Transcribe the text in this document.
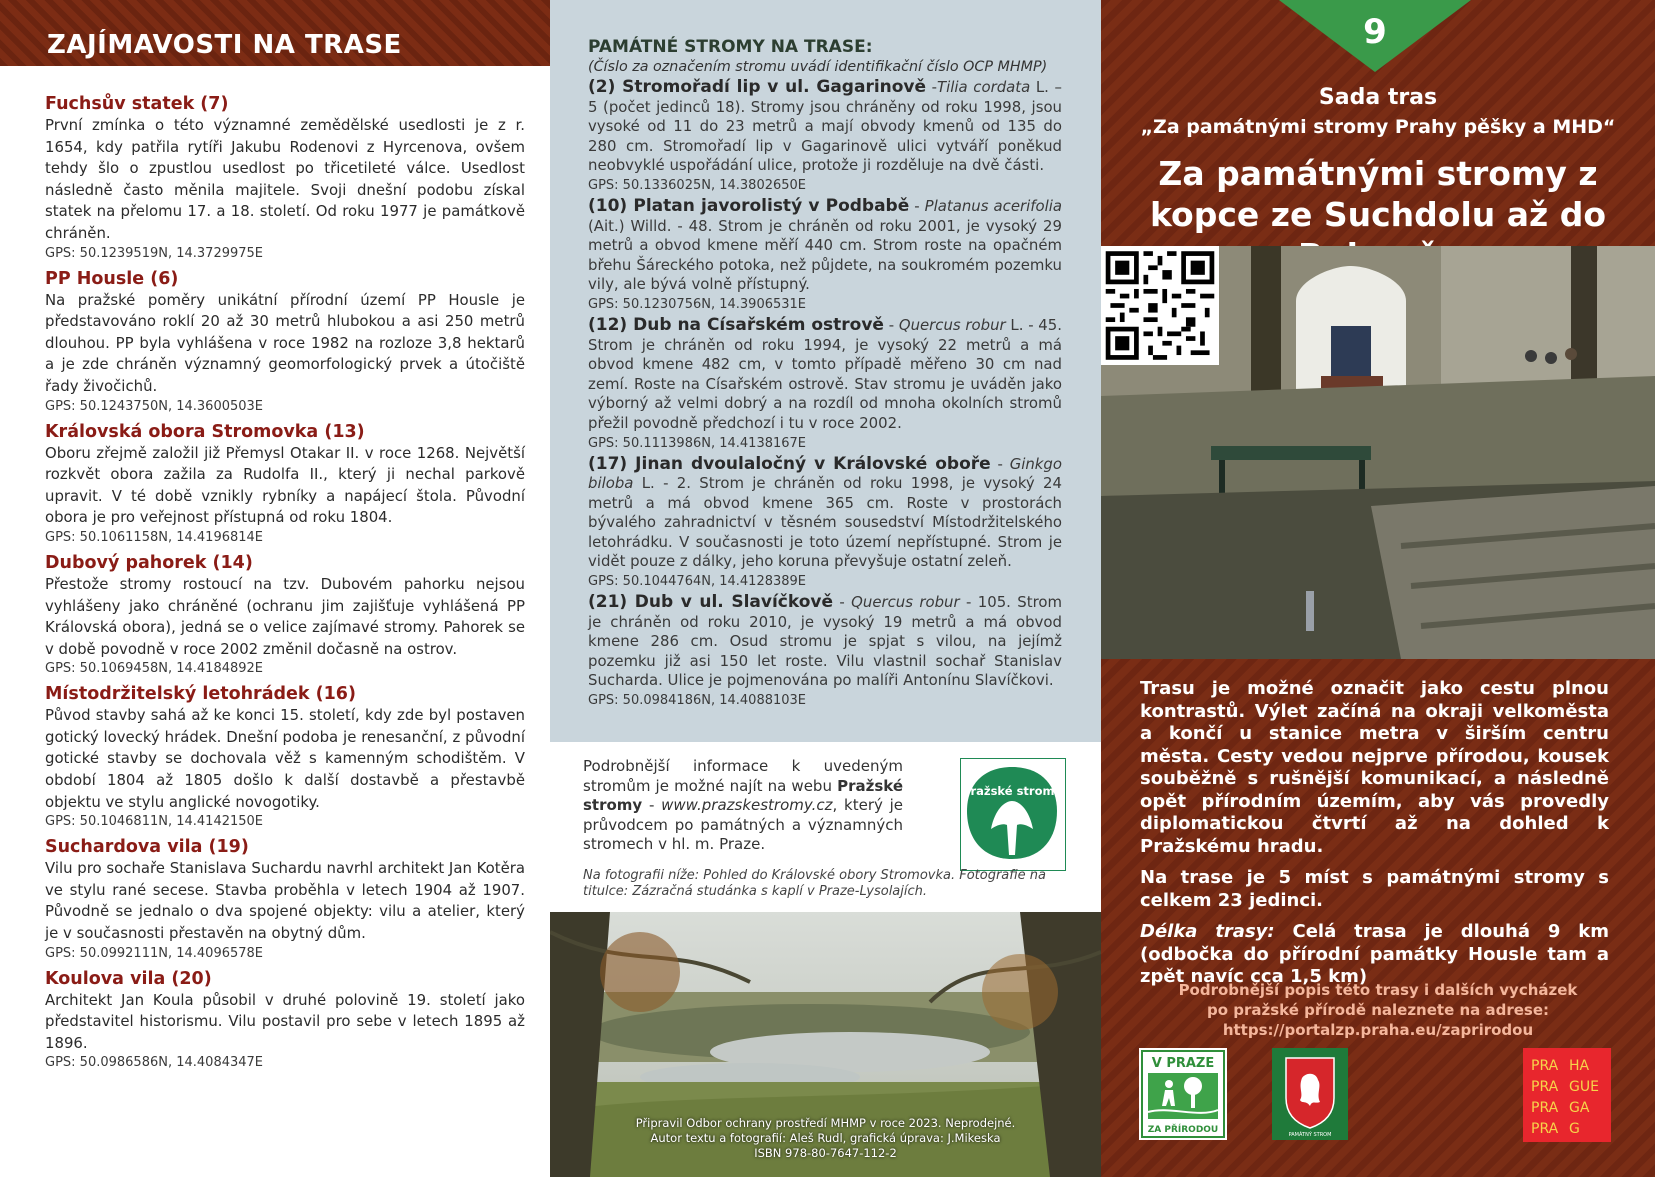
ZAJÍMAVOSTI NA TRASE
Fuchsův statek (7)
První zmínka o této významné zemědělské usedlosti je z r. 1654, kdy patřila rytíři Jakubu Rodenovi z Hyrcenova, ovšem tehdy šlo o zpustlou usedlost po třicetileté válce. Usedlost následně často měnila majitele. Svoji dnešní podobu získal statek na přelomu 17. a 18. století. Od roku 1977 je památkově chráněn.
GPS: 50.1239519N, 14.3729975E
PP Housle (6)
Na pražské poměry unikátní přírodní území PP Housle je představováno roklí 20 až 30 metrů hlubokou a asi 250 metrů dlouhou. PP byla vyhlášena v roce 1982 na rozloze 3,8 hektarů a je zde chráněn významný geomorfologický prvek a útočiště řady živočichů.
GPS: 50.1243750N, 14.3600503E
Královská obora Stromovka (13)
Oboru zřejmě založil již Přemysl Otakar II. v roce 1268. Největší rozkvět obora zažila za Rudolfa II., který ji nechal parkově upravit. V té době vznikly rybníky a napájecí štola. Původní obora je pro veřejnost přístupná od roku 1804.
GPS: 50.1061158N, 14.4196814E
Dubový pahorek (14)
Přestože stromy rostoucí na tzv. Dubovém pahorku nejsou vyhlášeny jako chráněné (ochranu jim zajišťuje vyhlášená PP Královská obora), jedná se o velice zajímavé stromy. Pahorek se v době povodně v roce 2002 změnil dočasně na ostrov.
GPS: 50.1069458N, 14.4184892E
Místodržitelský letohrádek (16)
Původ stavby sahá až ke konci 15. století, kdy zde byl postaven gotický lovecký hrádek. Dnešní podoba je renesanční, z původní gotické stavby se dochovala věž s kamenným schodištěm. V období 1804 až 1805 došlo k další dostavbě a přestavbě objektu ve stylu anglické novogotiky.
GPS: 50.1046811N, 14.4142150E
Suchardova vila (19)
Vilu pro sochaře Stanislava Suchardu navrhl architekt Jan Kotěra ve stylu rané secese. Stavba proběhla v letech 1904 až 1907. Původně se jednalo o dva spojené objekty: vilu a atelier, který je v současnosti přestavěn na obytný dům.
GPS: 50.0992111N, 14.4096578E
Koulova vila (20)
Architekt Jan Koula působil v druhé polovině 19. století jako představitel historismu. Vilu postavil pro sebe v letech 1895 až 1896.
GPS: 50.0986586N, 14.4084347E
PAMÁTNÉ STROMY NA TRASE:
(Číslo za označením stromu uvádí identifikační číslo OCP MHMP)
(2) Stromořadí lip v ul. Gagarinově -Tilia cordata L. – 5 (počet jedinců 18). Stromy jsou chráněny od roku 1998, jsou vysoké od 11 do 23 metrů a mají obvody kmenů od 135 do 280 cm. Stromořadí lip v Gagarinově ulici vytváří poněkud neobvyklé uspořádání ulice, protože ji rozděluje na dvě části.
GPS: 50.1336025N, 14.3802650E
(10) Platan javorolistý v Podbabě - Platanus acerifolia (Ait.) Willd. - 48. Strom je chráněn od roku 2001, je vysoký 29 metrů a obvod kmene měří 440 cm. Strom roste na opačném břehu Šáreckého potoka, než půjdete, na soukromém pozemku vily, ale bývá volně přístupný.
GPS: 50.1230756N, 14.3906531E
(12) Dub na Císařském ostrově - Quercus robur L. - 45. Strom je chráněn od roku 1994, je vysoký 22 metrů a má obvod kmene 482 cm, v tomto případě měřeno 30 cm nad zemí. Roste na Císařském ostrově. Stav stromu je uváděn jako výborný až velmi dobrý a na rozdíl od mnoha okolních stromů přežil povodně předchozí i tu v roce 2002.
GPS: 50.1113986N, 14.4138167E
(17) Jinan dvoulaločný v Královské oboře - Ginkgo biloba L. - 2. Strom je chráněn od roku 1998, je vysoký 24 metrů a má obvod kmene 365 cm. Roste v prostorách bývalého zahradnictví v těsném sousedství Místodržitelského letohrádku. V současnosti je toto území nepřístupné. Strom je vidět pouze z dálky, jeho koruna převyšuje ostatní zeleň.
GPS: 50.1044764N, 14.4128389E
(21) Dub v ul. Slavíčkově - Quercus robur - 105. Strom je chráněn od roku 2010, je vysoký 19 metrů a má obvod kmene 286 cm. Osud stromu je spjat s vilou, na jejímž pozemku již asi 150 let roste. Vilu vlastnil sochař Stanislav Sucharda. Ulice je pojmenována po malíři Antonínu Slavíčkovi.
GPS: 50.0984186N, 14.4088103E
Podrobnější informace k uvedeným stromům je možné najít na webu Pražské stromy - www.prazskestromy.cz, který je průvodcem po památných a významných stromech v hl. m. Praze.
Pražské stromy
Na fotografii níže: Pohled do Královské obory Stromovka. Fotografie na titulce: Zázračná studánka s kaplí v Praze-Lysolajích.
Připravil Odbor ochrany prostředí MHMP v roce 2023. Neprodejné.
Autor textu a fotografií: Aleš Rudl, grafická úprava: J.Mikeska
ISBN 978-80-7647-112-2
9
Sada tras
„Za památnými stromy Prahy pěšky a MHD“
Za památnými stromy z kopce ze Suchdolu až do
Trasu je možné označit jako cestu plnou kontrastů. Výlet začíná na okraji velkoměsta a končí u stanice metra v širším centru města. Cesty vedou nejprve přírodou, kousek souběžně s rušnější komunikací, a následně opět přírodním územím, aby vás provedly diplomatickou čtvrtí až na dohled k Pražskému hradu.
Na trase je 5 míst s památnými stromy s celkem 23 jedinci.
Délka trasy: Celá trasa je dlouhá 9 km (odbočka do přírodní památky Housle tam a zpět navíc cca 1,5 km)
Podrobnější popis této trasy i dalších vycházek
po pražské přírodě naleznete na adrese:
https://portalzp.praha.eu/zaprirodou
V PRAZE
ZA PŘÍRODOU	PAMÁTNÝ STROM
PRA HA
PRA GUE
PRA GA
PRA G
